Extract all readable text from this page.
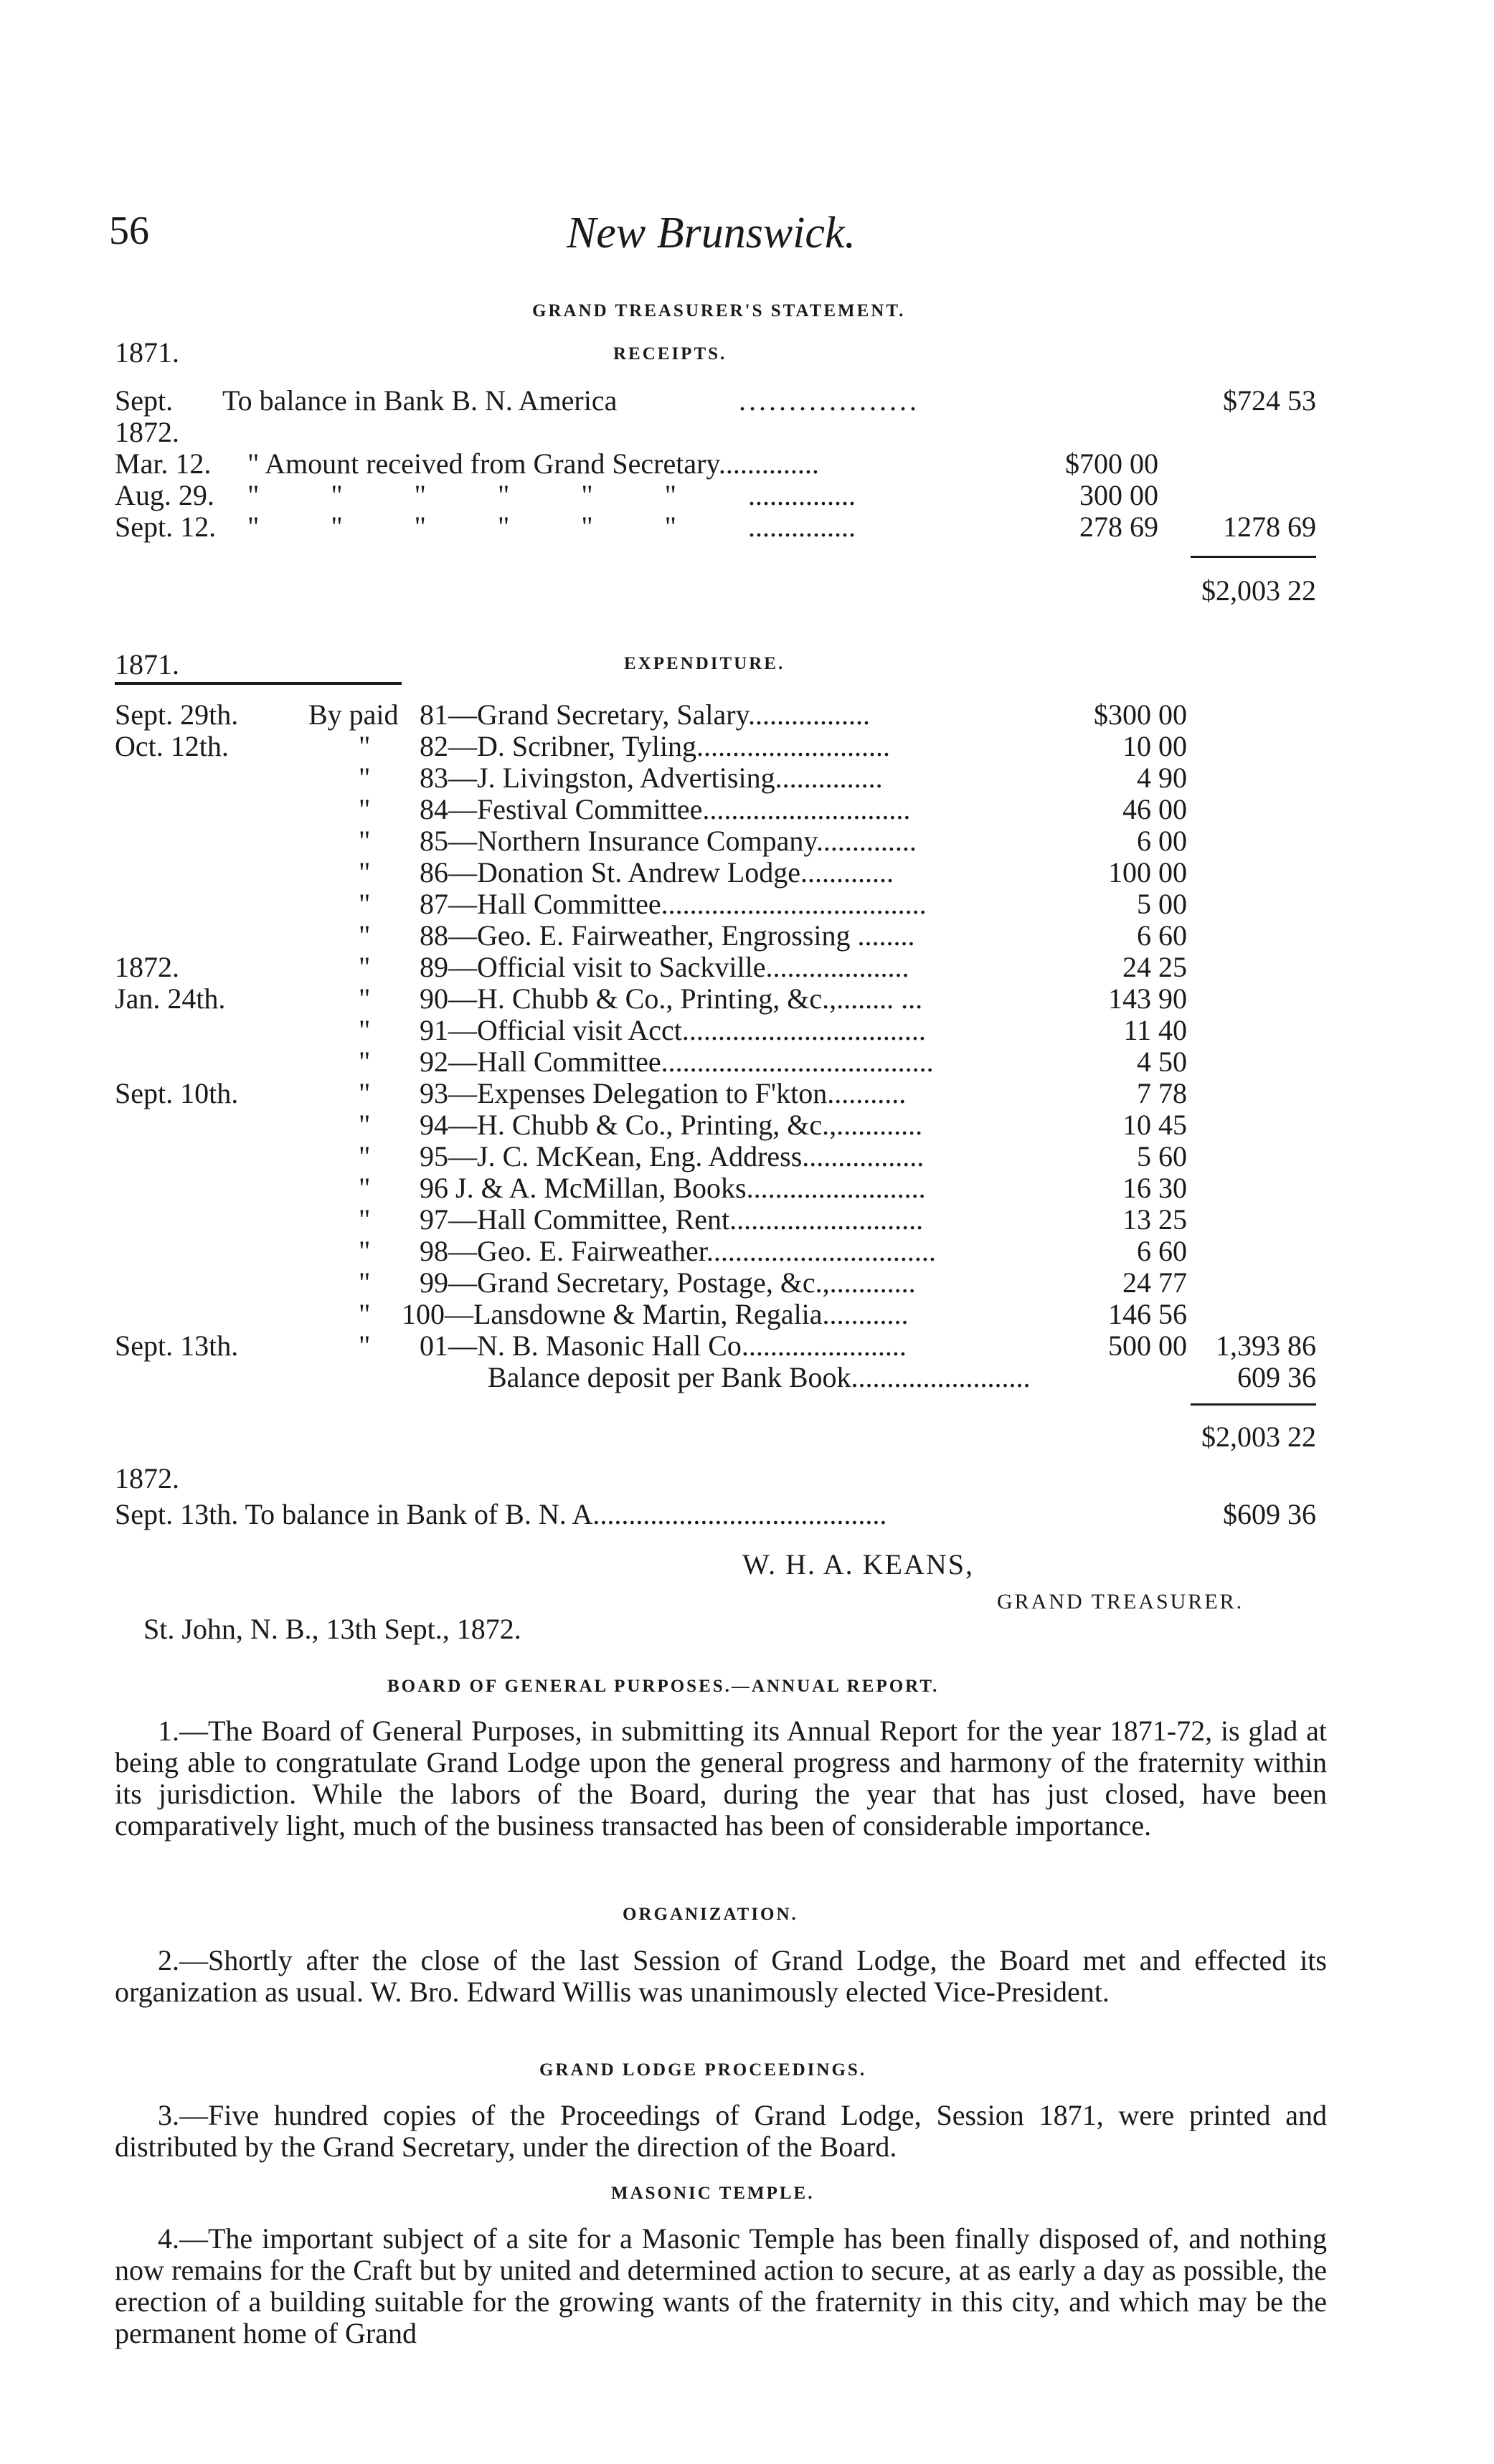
56	New Brunswick.
GRAND TREASURER'S STATEMENT.
1871.	RECEIPTS.
Sept. To balance in Bank B. N. America	..................	$724 53
1872.
Mar. 12. " Amount received from Grand Secretary..............	$700 00
Aug. 29. "          "          "          "          "          "          ...............	300 00
Sept. 12. "          "          "          "          "          "          ...............	278 69	1278 69
$2,003 22
1871.	EXPENDITURE.
Sept. 29th. By paid 81—Grand Secretary, Salary.................	$300 00
Oct. 12th.	" 82—D. Scribner, Tyling...........................	10 00
" 83—J. Livingston, Advertising...............	4 90
" 84—Festival Committee.............................	46 00
" 85—Northern Insurance Company..............	6 00
" 86—Donation St. Andrew Lodge.............	100 00
" 87—Hall Committee.....................................	5 00
" 88—Geo. E. Fairweather, Engrossing ........	6 60
1872.	" 89—Official visit to Sackville....................	24 25
Jan. 24th.	" 90—H. Chubb & Co., Printing, &c.,........ ...	143 90
" 91—Official visit Acct..................................	11 40
" 92—Hall Committee......................................	4 50
Sept. 10th.	" 93—Expenses Delegation to F'kton...........	7 78
" 94—H. Chubb & Co., Printing, &c.,............	10 45
" 95—J. C. McKean, Eng. Address.................	5 60
" 96 J. & A. McMillan, Books.........................	16 30
" 97—Hall Committee, Rent...........................	13 25
" 98—Geo. E. Fairweather................................	6 60
" 99—Grand Secretary, Postage, &c.,............	24 77
" 100—Lansdowne & Martin, Regalia............	146 56
Sept. 13th.	" 01—N. B. Masonic Hall Co.......................	500 00	1,393 86
Balance deposit per Bank Book.........................	609 36
$2,003 22
1872.
Sept. 13th. To balance in Bank of B. N. A.........................................	$609 36
W. H. A. KEANS,
GRAND TREASURER.
St. John, N. B., 13th Sept., 1872.
BOARD OF GENERAL PURPOSES.—ANNUAL REPORT.
1.—The Board of General Purposes, in submitting its Annual Report for the year 1871-72, is glad at being able to congratulate Grand Lodge upon the general progress and harmony of the fraternity within its jurisdiction. While the labors of the Board, during the year that has just closed, have been comparatively light, much of the business transacted has been of considerable importance.
ORGANIZATION.
2.—Shortly after the close of the last Session of Grand Lodge, the Board met and effected its organization as usual. W. Bro. Edward Willis was unanimously elected Vice-President.
GRAND LODGE PROCEEDINGS.
3.—Five hundred copies of the Proceedings of Grand Lodge, Session 1871, were printed and distributed by the Grand Secretary, under the direction of the Board.
MASONIC TEMPLE.
4.—The important subject of a site for a Masonic Temple has been finally disposed of, and nothing now remains for the Craft but by united and determined action to secure, at as early a day as possible, the erection of a building suitable for the growing wants of the fraternity in this city, and which may be the permanent home of Grand
